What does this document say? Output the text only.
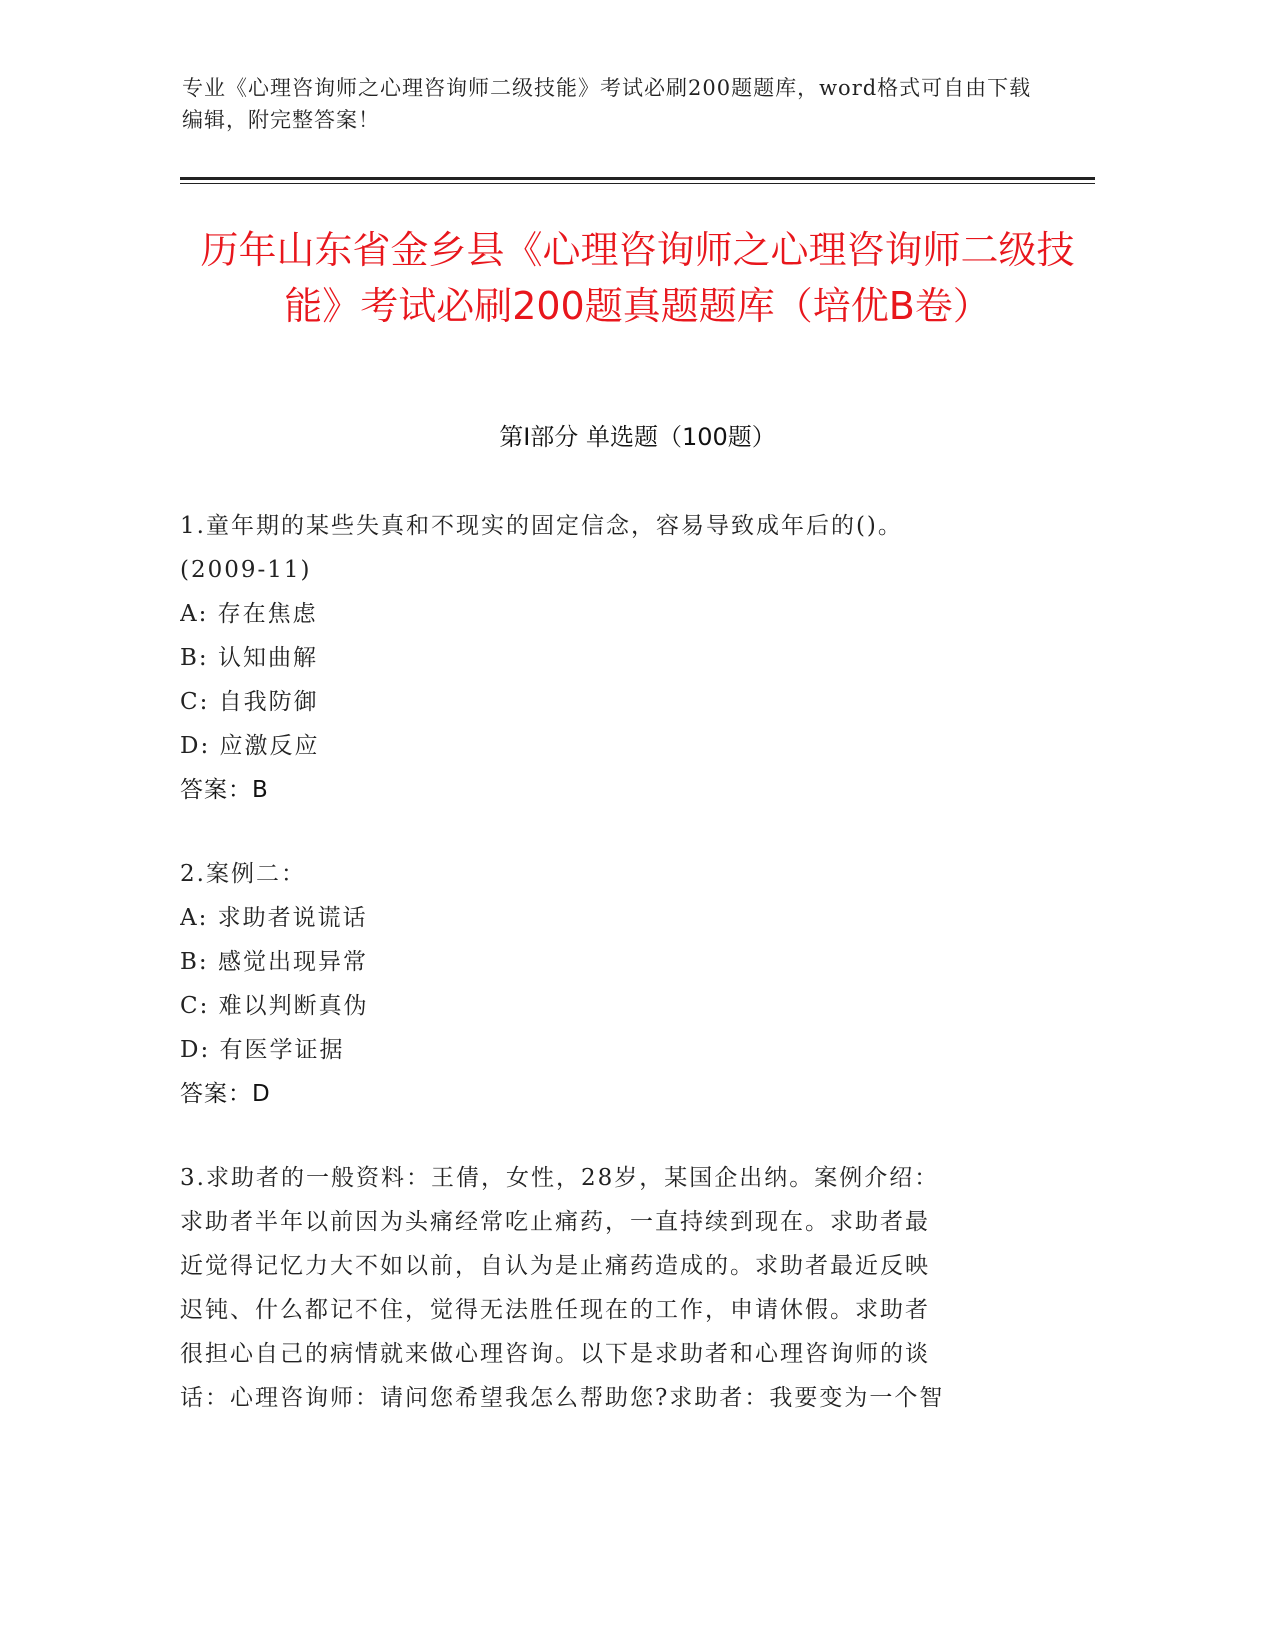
专业《心理咨询师之心理咨询师二级技能》考试必刷200题题库，word格式可自由下载编辑，附完整答案！
历年山东省金乡县《心理咨询师之心理咨询师二级技能》考试必刷200题真题题库（培优B卷）
第I部分 单选题（100题）
1.童年期的某些失真和不现实的固定信念，容易导致成年后的()。
(2009-11)
A: 存在焦虑
B: 认知曲解
C: 自我防御
D: 应激反应
答案：B
2.案例二：
A: 求助者说谎话
B: 感觉出现异常
C: 难以判断真伪
D: 有医学证据
答案：D
3.求助者的一般资料：王倩，女性，28岁，某国企出纳。案例介绍：
求助者半年以前因为头痛经常吃止痛药，一直持续到现在。求助者最
近觉得记忆力大不如以前，自认为是止痛药造成的。求助者最近反映
迟钝、什么都记不住，觉得无法胜任现在的工作，申请休假。求助者
很担心自己的病情就来做心理咨询。以下是求助者和心理咨询师的谈
话：心理咨询师：请问您希望我怎么帮助您?求助者：我要变为一个智
